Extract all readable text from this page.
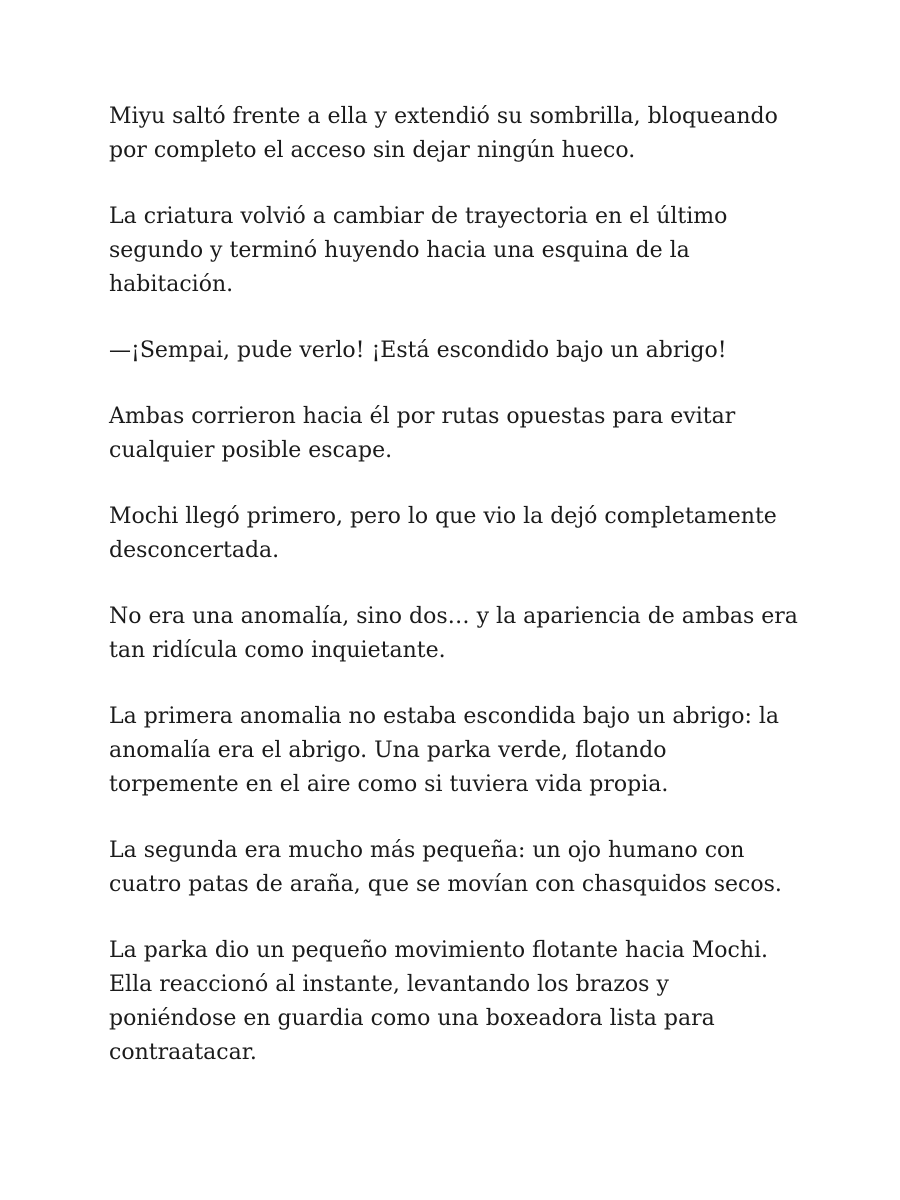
Miyu saltó frente a ella y extendió su sombrilla, bloqueando
por completo el acceso sin dejar ningún hueco.

La criatura volvió a cambiar de trayectoria en el último
segundo y terminó huyendo hacia una esquina de la
habitación.

—¡Sempai, pude verlo! ¡Está escondido bajo un abrigo!

Ambas corrieron hacia él por rutas opuestas para evitar
cualquier posible escape.

Mochi llegó primero, pero lo que vio la dejó completamente
desconcertada.

No era una anomalía, sino dos… y la apariencia de ambas era
tan ridícula como inquietante.

La primera anomalia no estaba escondida bajo un abrigo: la
anomalía era el abrigo. Una parka verde, flotando
torpemente en el aire como si tuviera vida propia.

La segunda era mucho más pequeña: un ojo humano con
cuatro patas de araña, que se movían con chasquidos secos.

La parka dio un pequeño movimiento flotante hacia Mochi.
Ella reaccionó al instante, levantando los brazos y
poniéndose en guardia como una boxeadora lista para
contraatacar.
